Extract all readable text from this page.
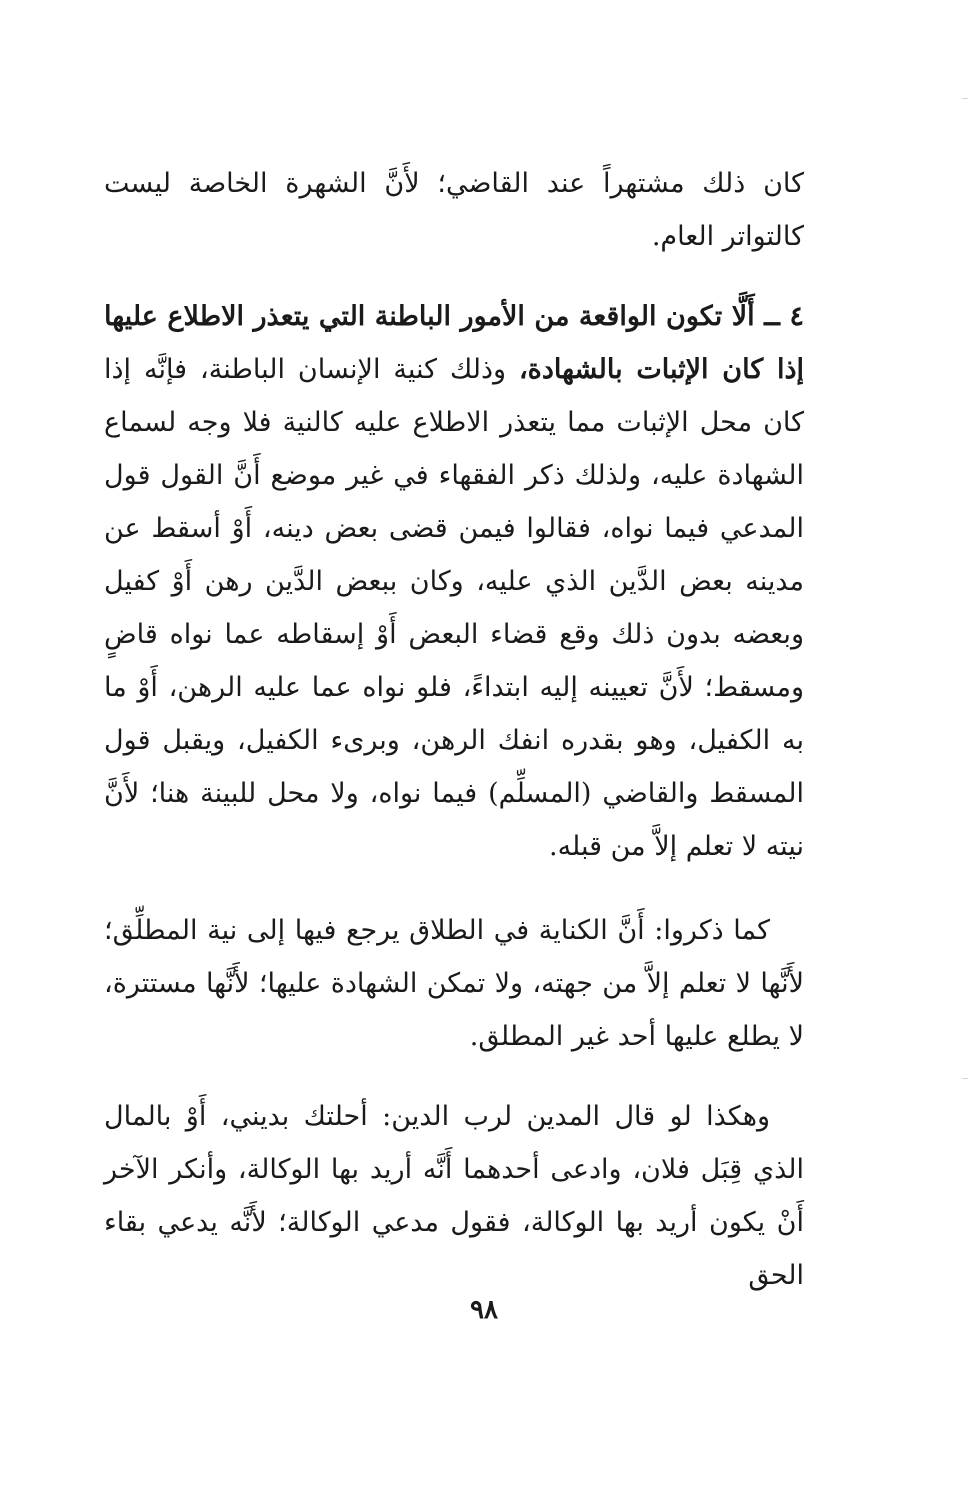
كان ذلك مشتهراً عند القاضي؛ لأَنَّ الشهرة الخاصة ليست كالتواتر العام.

٤ ــ أَلَّا تكون الواقعة من الأمور الباطنة التي يتعذر الاطلاع عليها إذا كان الإثبات بالشهادة، وذلك كنية الإنسان الباطنة، فإنَّه إذا كان محل الإثبات مما يتعذر الاطلاع عليه كالنية فلا وجه لسماع الشهادة عليه، ولذلك ذكر الفقهاء في غير موضع أَنَّ القول قول المدعي فيما نواه، فقالوا فيمن قضى بعض دينه، أَوْ أسقط عن مدينه بعض الدَّين الذي عليه، وكان ببعض الدَّين رهن أَوْ كفيل وبعضه بدون ذلك وقع قضاء البعض أَوْ إسقاطه عما نواه قاضٍ ومسقط؛ لأَنَّ تعيينه إليه ابتداءً، فلو نواه عما عليه الرهن، أَوْ ما به الكفيل، وهو بقدره انفك الرهن، وبرىء الكفيل، ويقبل قول المسقط والقاضي (المسلِّم) فيما نواه، ولا محل للبينة هنا؛ لأَنَّ نيته لا تعلم إلاَّ من قبله.

كما ذكروا: أَنَّ الكناية في الطلاق يرجع فيها إلى نية المطلِّق؛ لأَنَّها لا تعلم إلاَّ من جهته، ولا تمكن الشهادة عليها؛ لأَنَّها مستترة، لا يطلع عليها أحد غير المطلق.

وهكذا لو قال المدين لرب الدين: أحلتك بديني، أَوْ بالمال الذي قِبَل فلان، وادعى أحدهما أَنَّه أريد بها الوكالة، وأنكر الآخر أَنْ يكون أريد بها الوكالة، فقول مدعي الوكالة؛ لأَنَّه يدعي بقاء الحق

٩٨
